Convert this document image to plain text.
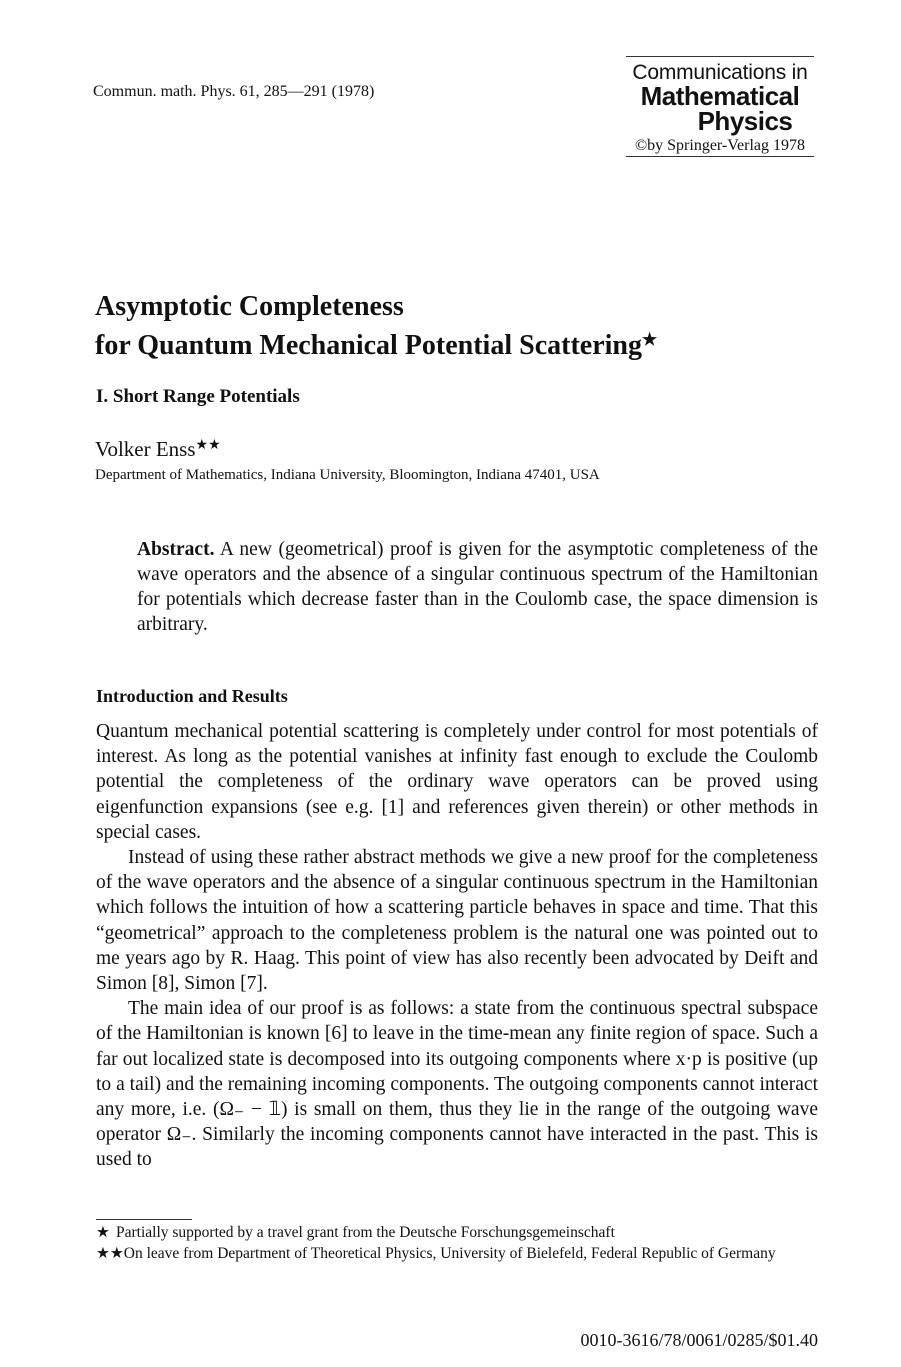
Commun. math. Phys. 61, 285—291 (1978)
Communications in
Mathematical
Physics
©by Springer-Verlag 1978
Asymptotic Completeness
for Quantum Mechanical Potential Scattering★
I. Short Range Potentials
Volker Enss★★
Department of Mathematics, Indiana University, Bloomington, Indiana 47401, USA
Abstract. A new (geometrical) proof is given for the asymptotic completeness of the wave operators and the absence of a singular continuous spectrum of the Hamiltonian for potentials which decrease faster than in the Coulomb case, the space dimension is arbitrary.
Introduction and Results

Quantum mechanical potential scattering is completely under control for most potentials of interest. As long as the potential vanishes at infinity fast enough to exclude the Coulomb potential the completeness of the ordinary wave operators can be proved using eigenfunction expansions (see e.g. [1] and references given therein) or other methods in special cases.

Instead of using these rather abstract methods we give a new proof for the completeness of the wave operators and the absence of a singular continuous spectrum in the Hamiltonian which follows the intuition of how a scattering particle behaves in space and time. That this “geometrical” approach to the completeness problem is the natural one was pointed out to me years ago by R. Haag. This point of view has also recently been advocated by Deift and Simon [8], Simon [7].

The main idea of our proof is as follows: a state from the continuous spectral subspace of the Hamiltonian is known [6] to leave in the time-mean any finite region of space. Such a far out localized state is decomposed into its outgoing components where x·p is positive (up to a tail) and the remaining incoming components. The outgoing components cannot interact any more, i.e. (Ω₋ − 𝟙) is small on them, thus they lie in the range of the outgoing wave operator Ω₋. Similarly the incoming components cannot have interacted in the past. This is used to

★ Partially supported by a travel grant from the Deutsche Forschungsgemeinschaft

★★On leave from Department of Theoretical Physics, University of Bielefeld, Federal Republic of Germany

0010-3616/78/0061/0285/$01.40
